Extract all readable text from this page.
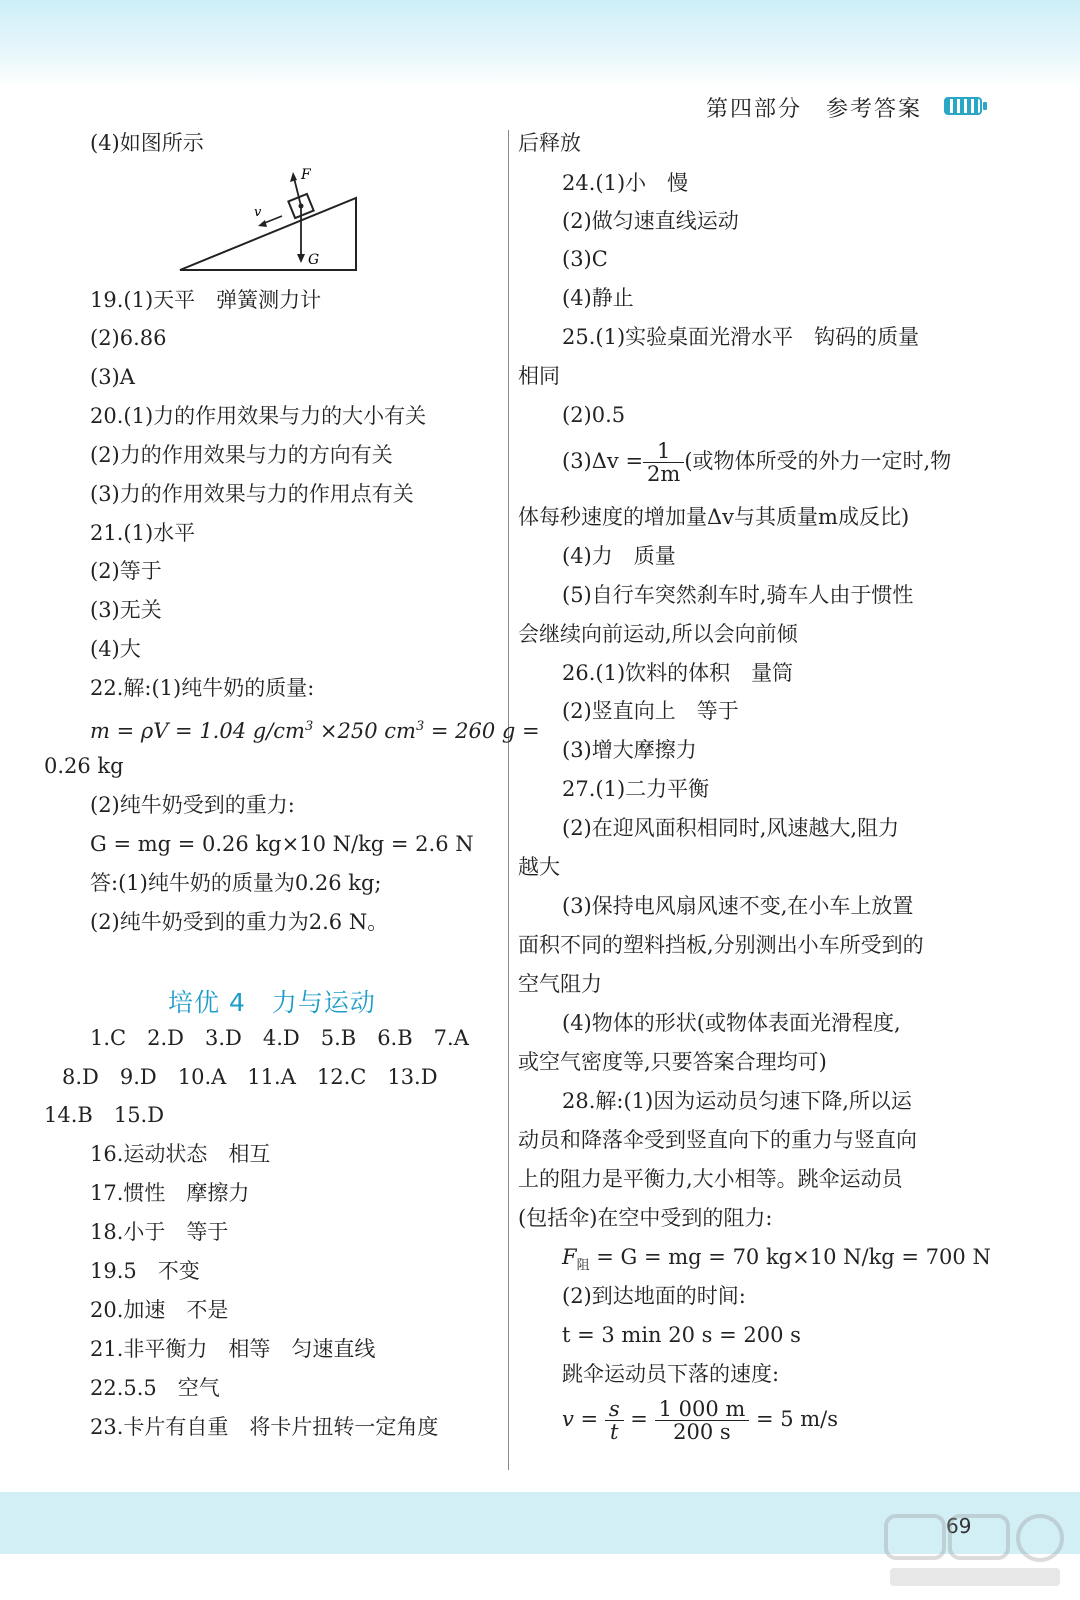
第四部分　参考答案
(4)如图所示
F
v
G
19.(1)天平　弹簧测力计
(2)6.86
(3)A
20.(1)力的作用效果与力的大小有关
(2)力的作用效果与力的方向有关
(3)力的作用效果与力的作用点有关
21.(1)水平
(2)等于
(3)无关
(4)大
22.解:(1)纯牛奶的质量:
m = ρV = 1.04 $g/cm^3 \times 250$ $cm^3 = 260$ g =
0.26 kg
(2)纯牛奶受到的重力:
G = mg = 0.26 kg×10 N/kg = 2.6 N
答:(1)纯牛奶的质量为0.26 kg;
(2)纯牛奶受到的重力为2.6 N。
培优 4　力与运动
1.C　2.D　3.D　4.D　5.B　6.B　7.A
8.D　9.D　10.A　11.A　12.C　13.D
14.B　15.D
16.运动状态　相互
17.惯性　摩擦力
18.小于　等于
19.5　不变
20.加速　不是
21.非平衡力　相等　匀速直线
22.5.5　空气
23.卡片有自重　将卡片扭转一定角度
后释放
24.(1)小　慢
(2)做匀速直线运动
(3)C
(4)静止
25.(1)实验桌面光滑水平　钩码的质量
相同
(2)0.5
$(3)\Delta v = \frac{1}{2m}$ (或物体所受的外力一定时,物
体每秒速度的增加量Δv与其质量m成反比)
(4)力　质量
(5)自行车突然刹车时,骑车人由于惯性
会继续向前运动,所以会向前倾
26.(1)饮料的体积　量筒
(2)竖直向上　等于
(3)增大摩擦力
27.(1)二力平衡
(2)在迎风面积相同时,风速越大,阻力
越大
(3)保持电风扇风速不变,在小车上放置
面积不同的塑料挡板,分别测出小车所受到的
空气阻力
(4)物体的形状(或物体表面光滑程度,
或空气密度等,只要答案合理均可)
28.解:(1)因为运动员匀速下降,所以运
动员和降落伞受到竖直向下的重力与竖直向
上的阻力是平衡力,大小相等。跳伞运动员
(包括伞)在空中受到的阻力:
$F_阻 = G$ = mg = 70 kg×10 N/kg = 700 N
(2)到达地面的时间:
t = 3 min 20 s = 200 s
跳伞运动员下落的速度:
$v = \frac{s}{t} = \frac{1 000 m}{200 s} = 5$ m/s
69
